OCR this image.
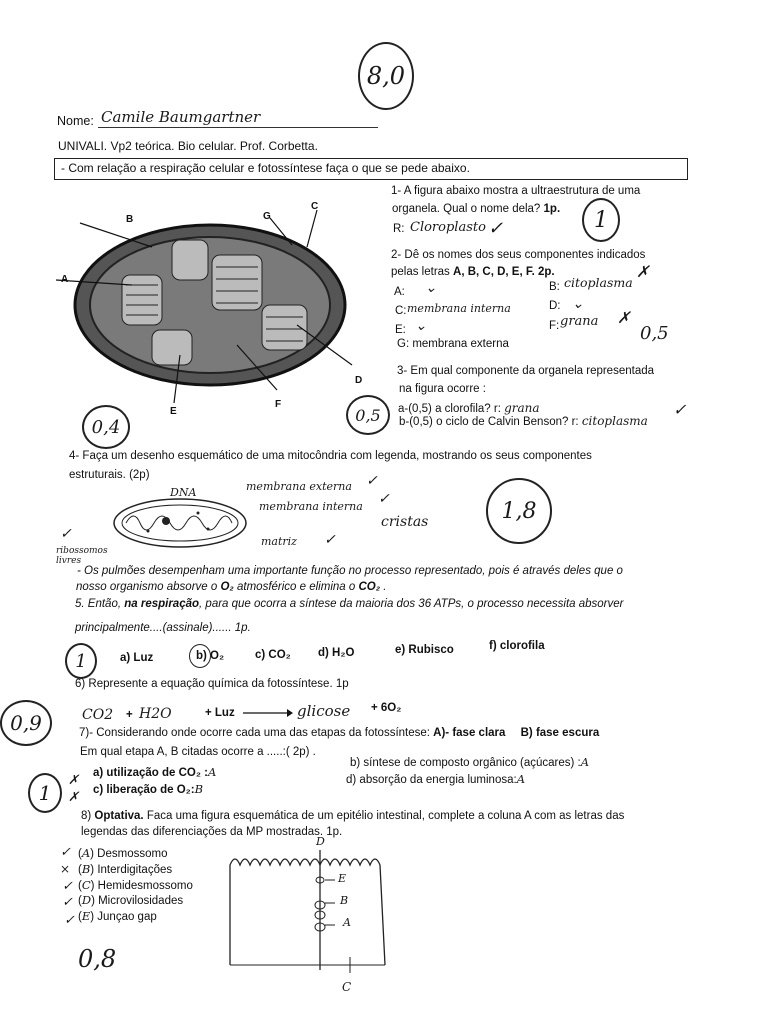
8,0
Nome: Camile Baumgartner
UNIVALI. Vp2 teórica. Bio celular. Prof. Corbetta.
- Com relação a respiração celular e fotossíntese faça o que se pede abaixo.
B	G
C
A
D
E
F
0,4
1- A figura abaixo mostra a ultraestrutura de uma
organela. Qual o nome dela? 1p.
R: Cloroplasto ✓	1
2- Dê os nomes dos seus componentes indicados
pelas letras A, B, C, D, E, F. 2p.
A: ⌄	B: citoplasma
✗
C: membrana interna	D: ⌄
E: ⌄	F: grana ✗
G: membrana externa	0,5
3- Em qual componente da organela representada
na figura ocorre :
a-(0,5) a clorofila? r: grana
b-(0,5) o ciclo de Calvin Benson? r: citoplasma
✓
0,5
4- Faça um desenho esquemático de uma mitocôndria com legenda, mostrando os seus componentes
estruturais. (2p)
DNA	membrana externa
membrana interna
cristas
matriz
ribossomos livres
✓
✓
✓
✓
1,8
- Os pulmões desempenham uma importante função no processo representado, pois é através deles que o
nosso organismo absorve o O₂ atmosférico e elimina o CO₂ .
5. Então, na respiração, para que ocorra a síntese da maioria dos 36 ATPs, o processo necessita absorver
principalmente....(assinale)...... 1p.
a) Luz	b) O₂	c) CO₂ d) H₂O	e) Rubisco	f) clorofila
1
6) Represente a equação química da fotossíntese. 1p
CO2 + H2O	+ Luz	glicose + 6O₂
0,9	7)- Considerando onde ocorre cada uma das etapas da fotossíntese: A)- fase clara B) fase escura
Em qual etapa A, B citadas ocorre a .....:( 2p) .
a) utilização de CO₂ :A
c) liberação de O₂:B
b) síntese de composto orgânico (açúcares) :A
d) absorção da energia luminosa:A
1
✗
✗
8) Optativa. Faca uma figura esquemática de um epitélio intestinal, complete a coluna A com as letras das
legendas das diferenciações da MP mostradas. 1p.
(A) Desmossomo
(B) Interdigitações
(C) Hemidesmossomo
(D) Microvilosidades
(E) Junçao gap
✓
×
✓
✓
✓
D
E
B
A
C
0,8
